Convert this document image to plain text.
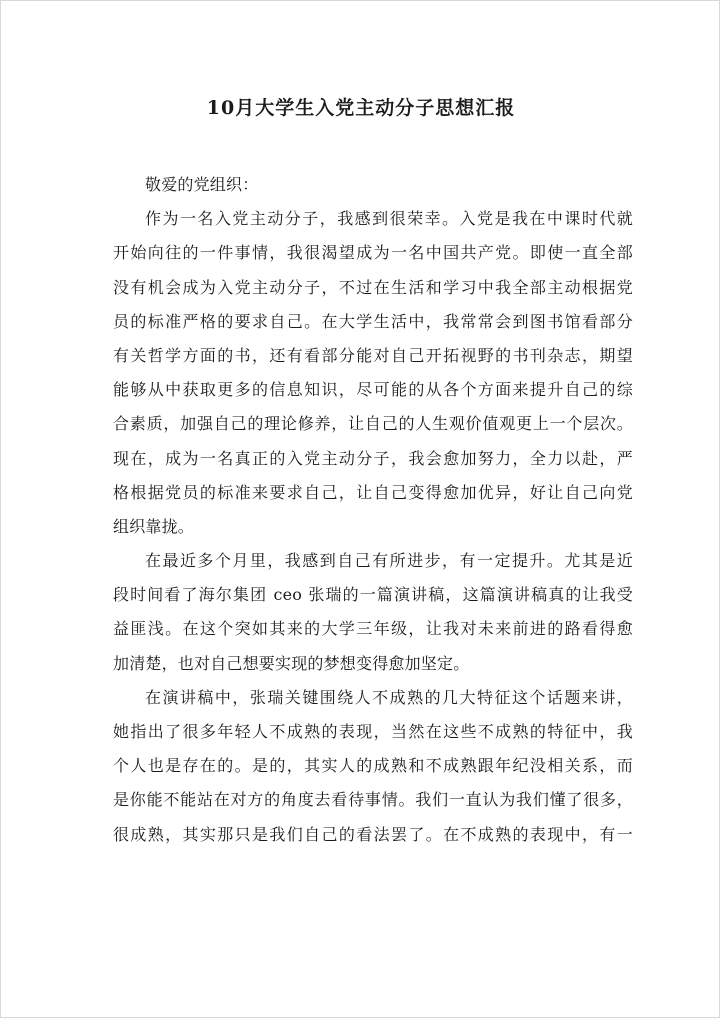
10月大学生入党主动分子思想汇报
敬爱的党组织：
作为一名入党主动分子，我感到很荣幸。入党是我在中课时代就
开始向往的一件事情，我很渴望成为一名中国共产党。即使一直全部
没有机会成为入党主动分子，不过在生活和学习中我全部主动根据党
员的标准严格的要求自己。在大学生活中，我常常会到图书馆看部分
有关哲学方面的书，还有看部分能对自己开拓视野的书刊杂志，期望
能够从中获取更多的信息知识，尽可能的从各个方面来提升自己的综
合素质，加强自己的理论修养，让自己的人生观价值观更上一个层次。
现在，成为一名真正的入党主动分子，我会愈加努力，全力以赴，严
格根据党员的标准来要求自己，让自己变得愈加优异，好让自己向党
组织靠拢。
在最近多个月里，我感到自己有所进步，有一定提升。尤其是近
段时间看了海尔集团 ceo 张瑞的一篇演讲稿，这篇演讲稿真的让我受
益匪浅。在这个突如其来的大学三年级，让我对未来前进的路看得愈
加清楚，也对自己想要实现的梦想变得愈加坚定。
在演讲稿中，张瑞关键围绕人不成熟的几大特征这个话题来讲，
她指出了很多年轻人不成熟的表现，当然在这些不成熟的特征中，我
个人也是存在的。是的，其实人的成熟和不成熟跟年纪没相关系，而
是你能不能站在对方的角度去看待事情。我们一直认为我们懂了很多，
很成熟，其实那只是我们自己的看法罢了。在不成熟的表现中，有一
